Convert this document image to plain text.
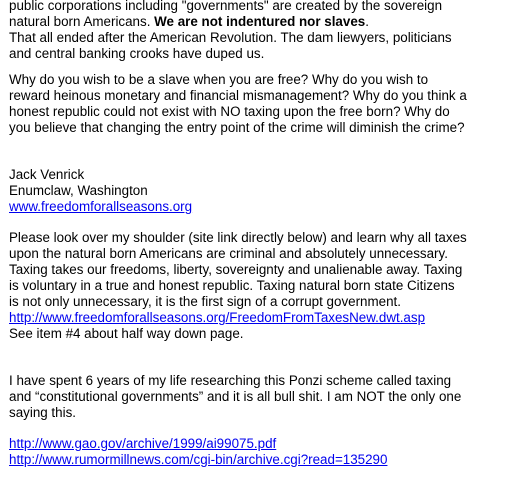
public corporations including "governments" are created by the sovereign
natural born Americans. We are not indentured nor slaves.
That all ended after the American Revolution. The dam liewyers, politicians
and central banking crooks have duped us.
Why do you wish to be a slave when you are free? Why do you wish to
reward heinous monetary and financial mismanagement? Why do you think a
honest republic could not exist with NO taxing upon the free born? Why do
you believe that changing the entry point of the crime will diminish the crime?
Jack Venrick
Enumclaw, Washington
www.freedomforallseasons.org
Please look over my shoulder (site link directly below) and learn why all taxes
upon the natural born Americans are criminal and absolutely unnecessary.
Taxing takes our freedoms, liberty, sovereignty and unalienable away. Taxing
is voluntary in a true and honest republic. Taxing natural born state Citizens
is not only unnecessary, it is the first sign of a corrupt government.
http://www.freedomforallseasons.org/FreedomFromTaxesNew.dwt.asp
See item #4 about half way down page.
I have spent 6 years of my life researching this Ponzi scheme called taxing
and “constitutional governments” and it is all bull shit. I am NOT the only one
saying this.
http://www.gao.gov/archive/1999/ai99075.pdf
http://www.rumormillnews.com/cgi-bin/archive.cgi?read=135290
